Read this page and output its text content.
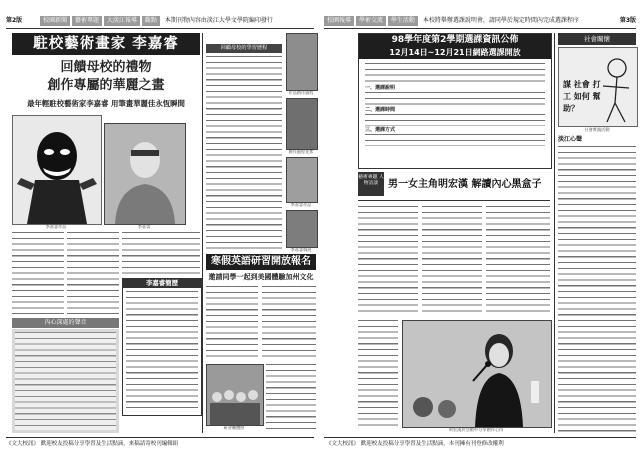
第2版	校園新聞 藝術專題 大淡江報導 觀點 本期刊物內容由淡江大學文學院編印發行
駐校藝術畫家 李嘉睿
回饋母校的禮物
創作專屬的華麗之畫
最年輕駐校藝術家李嘉睿 用筆畫華麗佳永恆瞬間
李嘉睿作品	李嘉睿
李嘉睿簡歷
內心深處的聲音
回顧母校的學習歷程
作品創作過程
創作過程花絮
李嘉睿作品
李嘉睿個展
寒假英語研習開放報名
邀請同學一起到美國體驗加州文化
研習團體照
《文大校訊》 歡迎校友投稿分享學習及生活點滴，來稿請寄校刊編輯組
校園報導 學術交流 學生活動 本校將舉辦選課說明會，請同學於規定時間內完成選課程序	第3版
98學年度第2學期選課資訊公佈
12月14日~12月21日網路選課開放
一、選課說明
二、選課時間
三、選課方式
藝術專題 人物訪談 男一女主角明宏漢 解讀內心黑盒子
明宏漢於活動中分享創作心得
社會關懷
謀 社會 打工 如何 幫助？
社會實踐活動
淡江心聲
《文大校訊》 歡迎校友投稿分享學習及生活點滴，本刊擁有刊登修改權利
